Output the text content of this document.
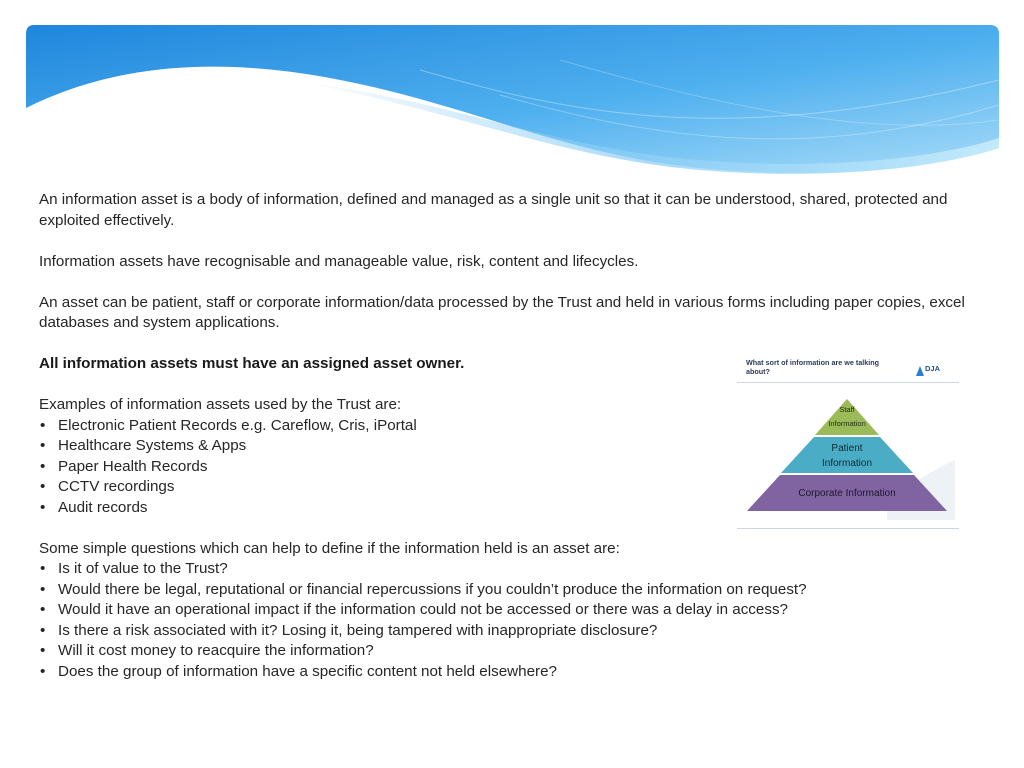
An information asset is a body of information, defined and managed as a single unit so that it can be understood, shared, protected and exploited effectively.

Information assets have recognisable and manageable value, risk, content and lifecycles.

An asset can be patient, staff or corporate information/data processed by the Trust and held in various forms including paper copies, excel databases and system applications.

All information assets must have an assigned asset owner.

Examples of information assets used by the Trust are:

• Electronic Patient Records e.g. Careflow, Cris, iPortal
• Healthcare Systems & Apps
• Paper Health Records
• CCTV recordings
• Audit records

Some simple questions which can help to define if the information held is an asset are:

• Is it of value to the Trust?
• Would there be legal, reputational or financial repercussions if you couldn’t produce the information on request?
• Would it have an operational impact if the information could not be accessed or there was a delay in access?
• Is there a risk associated with it? Losing it, being tampered with inappropriate disclosure?
• Will it cost money to reacquire the information?
• Does the group of information have a specific content not held elsewhere?
What sort of information are we talking about?	DJA
Staff
Information
Patient
Information
Corporate Information
